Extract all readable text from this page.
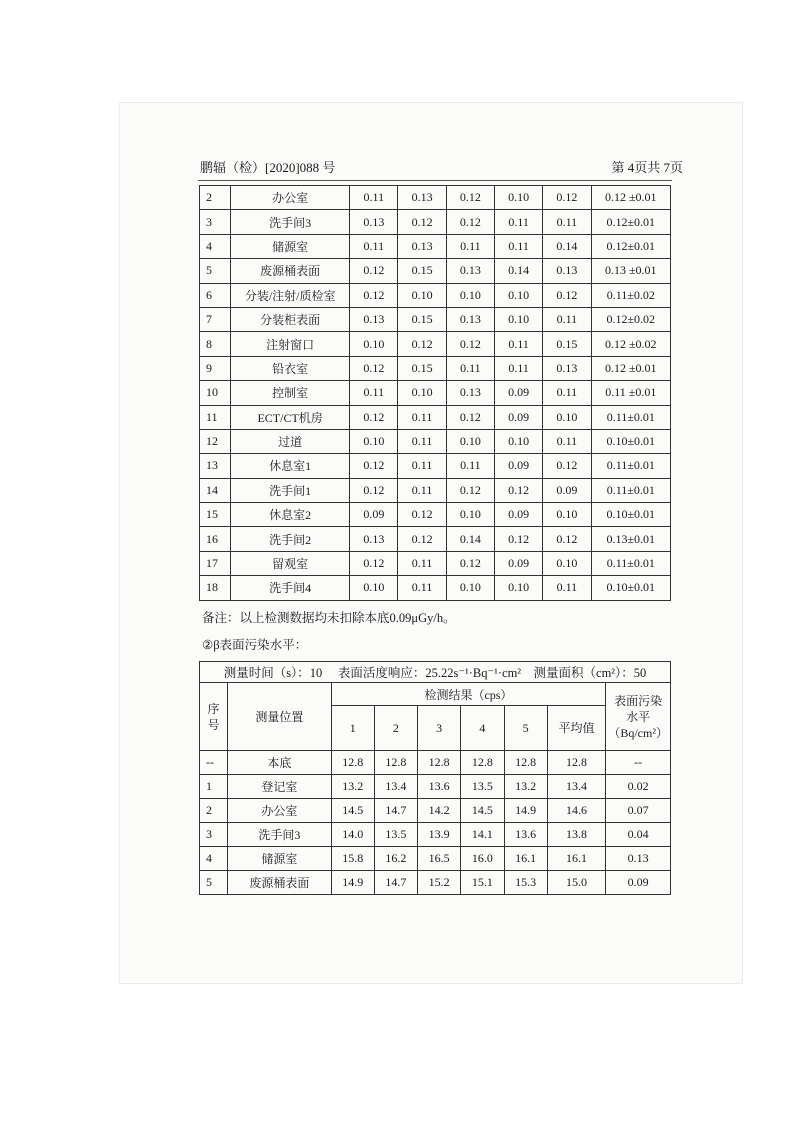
鹏辐（检）[2020]088 号	第 4页共 7页
2	办公室	0.11	0.13	0.12	0.10	0.12	0.12 ±0.01
3	洗手间3	0.13	0.12	0.12	0.11	0.11	0.12±0.01
4	储源室	0.11	0.13	0.11	0.11	0.14	0.12±0.01
5	废源桶表面	0.12	0.15	0.13	0.14	0.13	0.13 ±0.01
6	分装/注射/质检室	0.12	0.10	0.10	0.10	0.12	0.11±0.02
7	分装柜表面	0.13	0.15	0.13	0.10	0.11	0.12±0.02
8	注射窗口	0.10	0.12	0.12	0.11	0.15	0.12 ±0.02
9	铅衣室	0.12	0.15	0.11	0.11	0.13	0.12 ±0.01
10	控制室	0.11	0.10	0.13	0.09	0.11	0.11 ±0.01
11	ECT/CT机房	0.12	0.11	0.12	0.09	0.10	0.11±0.01
12	过道	0.10	0.11	0.10	0.10	0.11	0.10±0.01
13	休息室1	0.12	0.11	0.11	0.09	0.12	0.11±0.01
14	洗手间1	0.12	0.11	0.12	0.12	0.09	0.11±0.01
15	休息室2	0.09	0.12	0.10	0.09	0.10	0.10±0.01
16	洗手间2	0.13	0.12	0.14	0.12	0.12	0.13±0.01
17	留观室	0.12	0.11	0.12	0.09	0.10	0.11±0.01
18	洗手间4	0.10	0.11	0.10	0.10	0.11	0.10±0.01
备注：以上检测数据均未扣除本底0.09μGy/h。
②β表面污染水平：
测量时间（s）：10　 表面活度响应：25.22s⁻¹·Bq⁻¹·cm²　测量面积（cm²）：50								
序号	测量位置	检测结果（cps）						表面污染水平（Bq/cm²）
		1	2	3	4	5	平均值	
--	本底	12.8	12.8	12.8	12.8	12.8	12.8	--
1	登记室	13.2	13.4	13.6	13.5	13.2	13.4	0.02
2	办公室	14.5	14.7	14.2	14.5	14.9	14.6	0.07
3	洗手间3	14.0	13.5	13.9	14.1	13.6	13.8	0.04
4	储源室	15.8	16.2	16.5	16.0	16.1	16.1	0.13
5	废源桶表面	14.9	14.7	15.2	15.1	15.3	15.0	0.09
